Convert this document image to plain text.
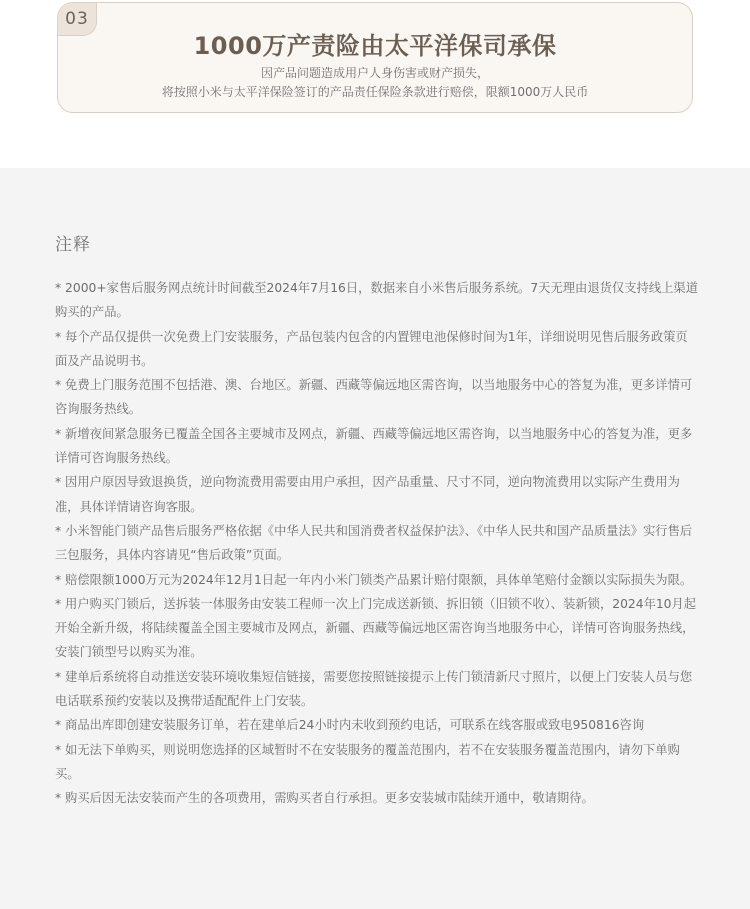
03
1000万产责险由太平洋保司承保
因产品问题造成用户人身伤害或财产损失，
将按照小米与太平洋保险签订的产品责任保险条款进行赔偿，限额1000万人民币
注释
* 2000+家售后服务网点统计时间截至2024年7月16日，数据来自小米售后服务系统。7天无理由退货仅支持线上渠道购买的产品。
* 每个产品仅提供一次免费上门安装服务，产品包装内包含的内置锂电池保修时间为1年，详细说明见售后服务政策页面及产品说明书。
* 免费上门服务范围不包括港、澳、台地区。新疆、西藏等偏远地区需咨询，以当地服务中心的答复为准，更多详情可咨询服务热线。
* 新增夜间紧急服务已覆盖全国各主要城市及网点，新疆、西藏等偏远地区需咨询，以当地服务中心的答复为准，更多详情可咨询服务热线。
* 因用户原因导致退换货，逆向物流费用需要由用户承担，因产品重量、尺寸不同，逆向物流费用以实际产生费用为准，具体详情请咨询客服。
* 小米智能门锁产品售后服务严格依据《中华人民共和国消费者权益保护法》、《中华人民共和国产品质量法》实行售后三包服务，具体内容请见“售后政策”页面。
* 赔偿限额1000万元为2024年12月1日起一年内小米门锁类产品累计赔付限额，具体单笔赔付金额以实际损失为限。
* 用户购买门锁后，送拆装一体服务由安装工程师一次上门完成送新锁、拆旧锁（旧锁不收）、装新锁，2024年10月起开始全新升级，将陆续覆盖全国主要城市及网点，新疆、西藏等偏远地区需咨询当地服务中心，详情可咨询服务热线，安装门锁型号以购买为准。
* 建单后系统将自动推送安装环境收集短信链接，需要您按照链接提示上传门锁清新尺寸照片，以便上门安装人员与您电话联系预约安装以及携带适配配件上门安装。
* 商品出库即创建安装服务订单，若在建单后24小时内未收到预约电话，可联系在线客服或致电950816咨询
* 如无法下单购买，则说明您选择的区域暂时不在安装服务的覆盖范围内，若不在安装服务覆盖范围内，请勿下单购买。
* 购买后因无法安装而产生的各项费用，需购买者自行承担。更多安装城市陆续开通中，敬请期待。
